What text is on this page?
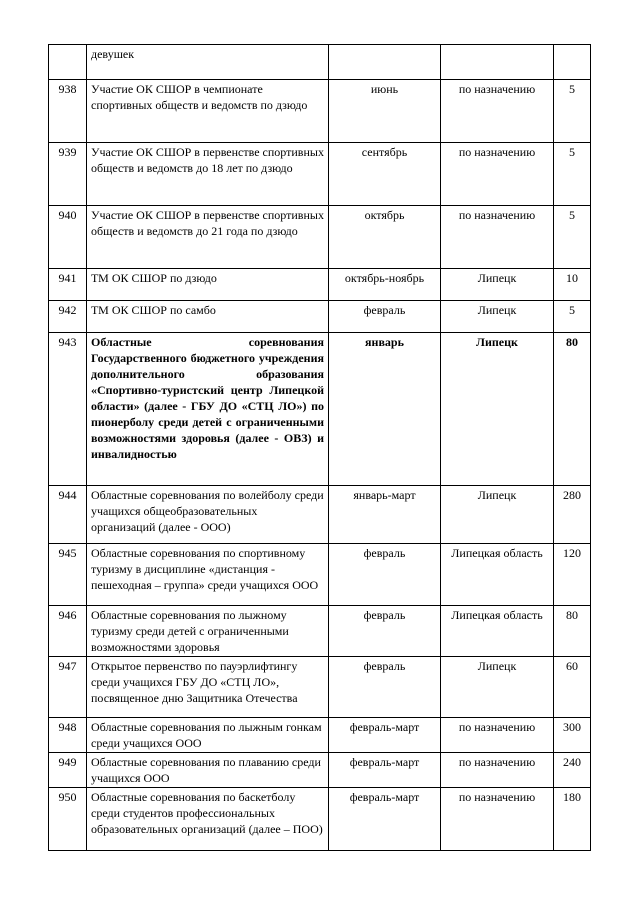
	девушек			
938	Участие ОК СШОР в чемпионате спортивных обществ и ведомств по дзюдо	июнь	по назначению	5
939	Участие ОК СШОР в первенстве спортивных обществ и ведомств до 18 лет по дзюдо	сентябрь	по назначению	5
940	Участие ОК СШОР в первенстве спортивных обществ и ведомств до 21 года по дзюдо	октябрь	по назначению	5
941	ТМ ОК СШОР по дзюдо	октябрь-ноябрь	Липецк	10
942	ТМ ОК СШОР по самбо	февраль	Липецк	5
943	Областные соревнования Государственного бюджетного учреждения дополнительного образования «Спортивно-туристский центр Липецкой области» (далее - ГБУ ДО «СТЦ ЛО») по пионерболу среди детей с ограниченными возможностями здоровья (далее - ОВЗ) и инвалидностью	январь	Липецк	80
944	Областные соревнования по волейболу среди учащихся общеобразовательных организаций (далее - ООО)	январь-март	Липецк	280
945	Областные соревнования по спортивному туризму в дисциплине «дистанция - пешеходная – группа» среди учащихся ООО	февраль	Липецкая область	120
946	Областные соревнования по лыжному туризму среди детей с ограниченными возможностями здоровья	февраль	Липецкая область	80
947	Открытое первенство по пауэрлифтингу среди учащихся ГБУ ДО «СТЦ ЛО», посвященное дню Защитника Отечества	февраль	Липецк	60
948	Областные соревнования по лыжным гонкам среди учащихся ООО	февраль-март	по назначению	300
949	Областные соревнования по плаванию среди учащихся ООО	февраль-март	по назначению	240
950	Областные соревнования по баскетболу среди студентов профессиональных образовательных организаций (далее – ПОО)	февраль-март	по назначению	180
